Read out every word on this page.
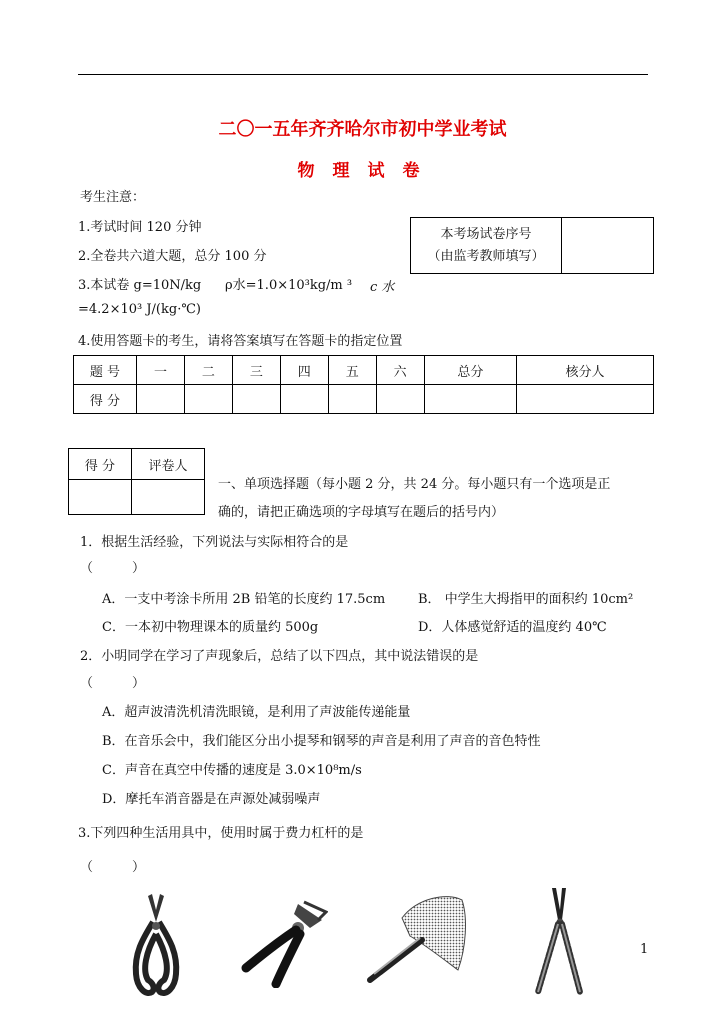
二〇一五年齐齐哈尔市初中学业考试
物理试卷
考生注意：
1.考试时间 120 分钟
2.全卷共六道大题，总分 100 分
3.本试卷 g=10N/kg ρ水=1.0×10³kg/m ³ c 水
=4.2×10³ J/(kg·℃)
4.使用答题卡的考生，请将答案填写在答题卡的指定位置
本考场试卷序号
（由监考教师填写）

题 号	一	二	三	四	五	六	总分	核分人
得 分								
得 分	评卷人

一、单项选择题（每小题 2 分，共 24 分。每小题只有一个选项是正
确的，请把正确选项的字母填写在题后的括号内）
1．根据生活经验，下列说法与实际相符合的是
（　　　）
A．一支中考涂卡所用 2B 铅笔的长度约 17.5cm	B． 中学生大拇指甲的面积约 10cm²
C．一本初中物理课本的质量约 500g	D．人体感觉舒适的温度约 40℃
2．小明同学在学习了声现象后，总结了以下四点，其中说法错误的是
（　　　）
A．超声波清洗机清洗眼镜，是利用了声波能传递能量
B．在音乐会中，我们能区分出小提琴和钢琴的声音是利用了声音的音色特性
C．声音在真空中传播的速度是 3.0×10⁸m/s
D．摩托车消音器是在声源处减弱噪声
3.下列四种生活用具中，使用时属于费力杠杆的是
（　　　）
1
